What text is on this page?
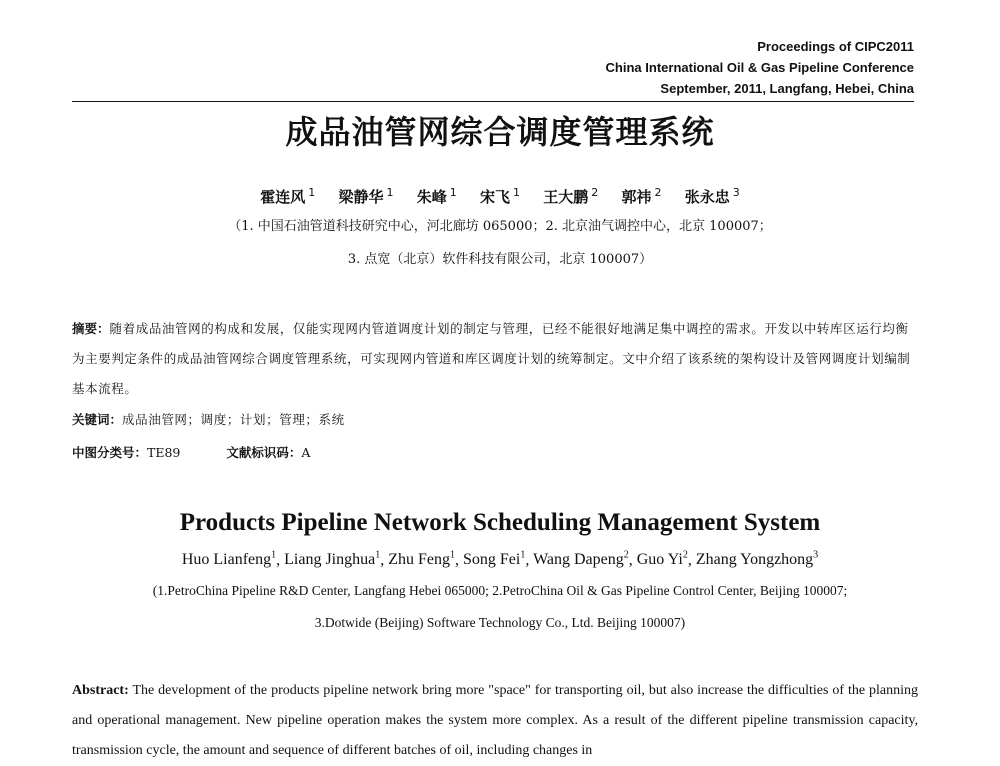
Proceedings of CIPC2011
China International Oil & Gas Pipeline Conference
September, 2011, Langfang, Hebei, China
成品油管网综合调度管理系统
霍连风 $^1$ 梁静华 $^1$ 朱峰 $^1$ 宋飞 $^1$ 王大鹏 $^2$ 郭祎 $^2$ 张永忠 $^3$
（1. 中国石油管道科技研究中心，河北廊坊 065000；2. 北京油气调控中心，北京 100007；
3. 点宽（北京）软件科技有限公司，北京 100007）
摘要：随着成品油管网的构成和发展，仅能实现网内管道调度计划的制定与管理，已经不能很好地满足集中调控的需求。开发以中转库区运行均衡为主要判定条件的成品油管网综合调度管理系统，可实现网内管道和库区调度计划的统筹制定。文中介绍了该系统的架构设计及管网调度计划编制基本流程。
关键词：成品油管网；调度；计划；管理；系统
中图分类号：TE89	文献标识码：A
Products Pipeline Network Scheduling Management System
Huo Lianfeng$^1$, Liang Jinghua$^1$, Zhu Feng$^1$, Song Fei$^1$, Wang Dapeng$^2$, Guo Yi$^2$, Zhang Yongzhong$^3$
(1.PetroChina Pipeline R&D Center, Langfang Hebei 065000; 2.PetroChina Oil & Gas Pipeline Control Center, Beijing 100007;
3.Dotwide (Beijing) Software Technology Co., Ltd. Beijing 100007)
Abstract: The development of the products pipeline network bring more "space" for transporting oil, but also increase the difficulties of the planning and operational management. New pipeline operation makes the system more complex. As a result of the different pipeline transmission capacity, transmission cycle, the amount and sequence of different batches of oil, including changes in
